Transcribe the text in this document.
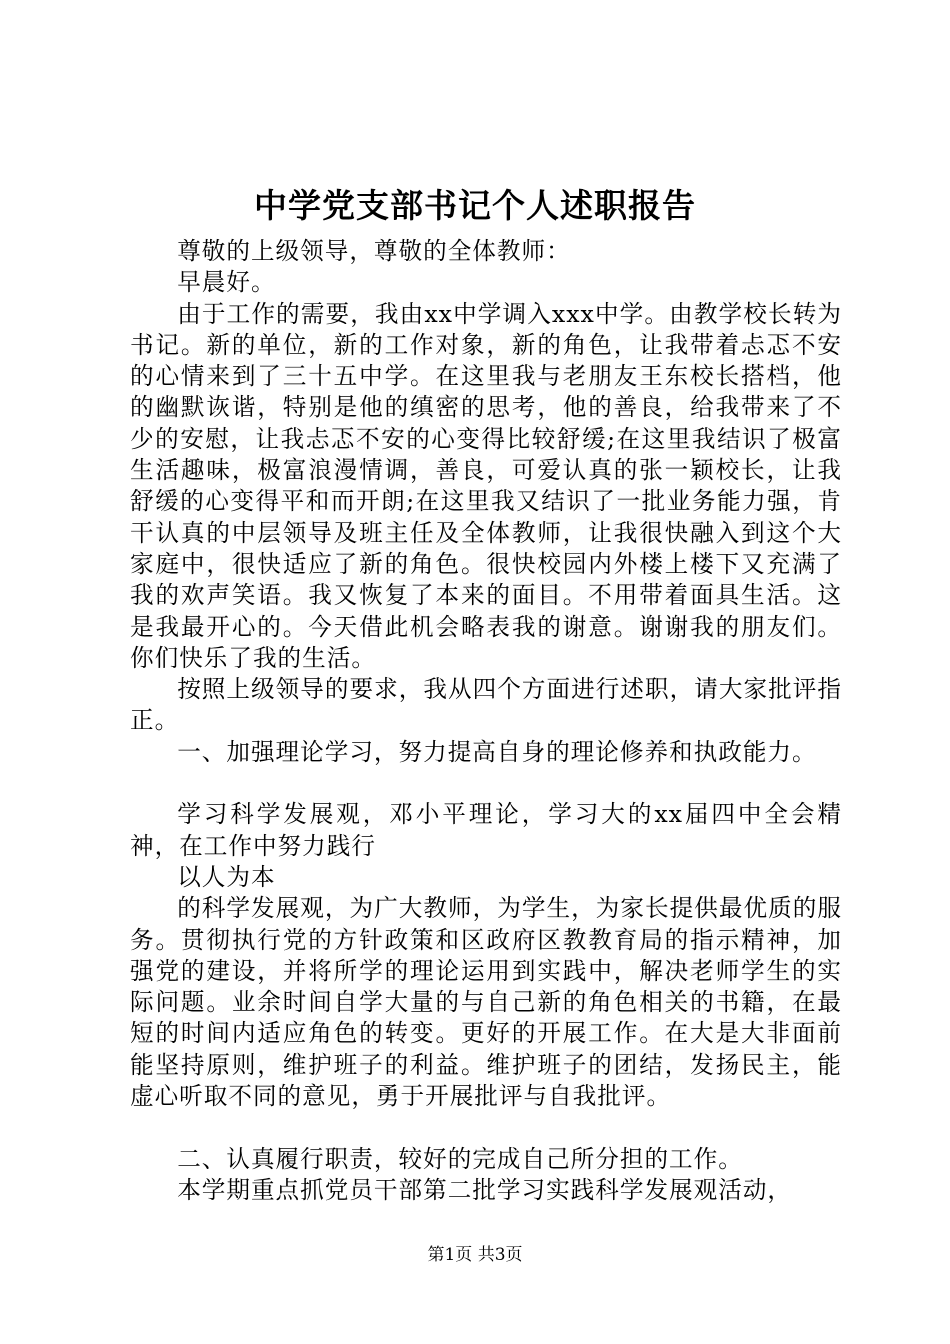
中学党支部书记个人述职报告

尊敬的上级领导，尊敬的全体教师：

早晨好。

由于工作的需要，我由xx中学调入xxx中学。由教学校长转为书记。新的单位，新的工作对象，新的角色，让我带着忐忑不安的心情来到了三十五中学。在这里我与老朋友王东校长搭档，他的幽默诙谐，特别是他的缜密的思考，他的善良，给我带来了不少的安慰，让我忐忑不安的心变得比较舒缓;在这里我结识了极富生活趣味，极富浪漫情调，善良，可爱认真的张一颖校长，让我舒缓的心变得平和而开朗;在这里我又结识了一批业务能力强，肯干认真的中层领导及班主任及全体教师，让我很快融入到这个大家庭中，很快适应了新的角色。很快校园内外楼上楼下又充满了我的欢声笑语。我又恢复了本来的面目。不用带着面具生活。这是我最开心的。今天借此机会略表我的谢意。谢谢我的朋友们。你们快乐了我的生活。

按照上级领导的要求，我从四个方面进行述职，请大家批评指正。

一、加强理论学习，努力提高自身的理论修养和执政能力。

学习科学发展观，邓小平理论，学习大的xx届四中全会精神，在工作中努力践行

以人为本

的科学发展观，为广大教师，为学生，为家长提供最优质的服务。贯彻执行党的方针政策和区政府区教教育局的指示精神，加强党的建设，并将所学的理论运用到实践中，解决老师学生的实际问题。业余时间自学大量的与自己新的角色相关的书籍，在最短的时间内适应角色的转变。更好的开展工作。在大是大非面前能坚持原则，维护班子的利益。维护班子的团结，发扬民主，能虚心听取不同的意见，勇于开展批评与自我批评。

二、认真履行职责，较好的完成自己所分担的工作。

本学期重点抓党员干部第二批学习实践科学发展观活动，

第1页 共3页
